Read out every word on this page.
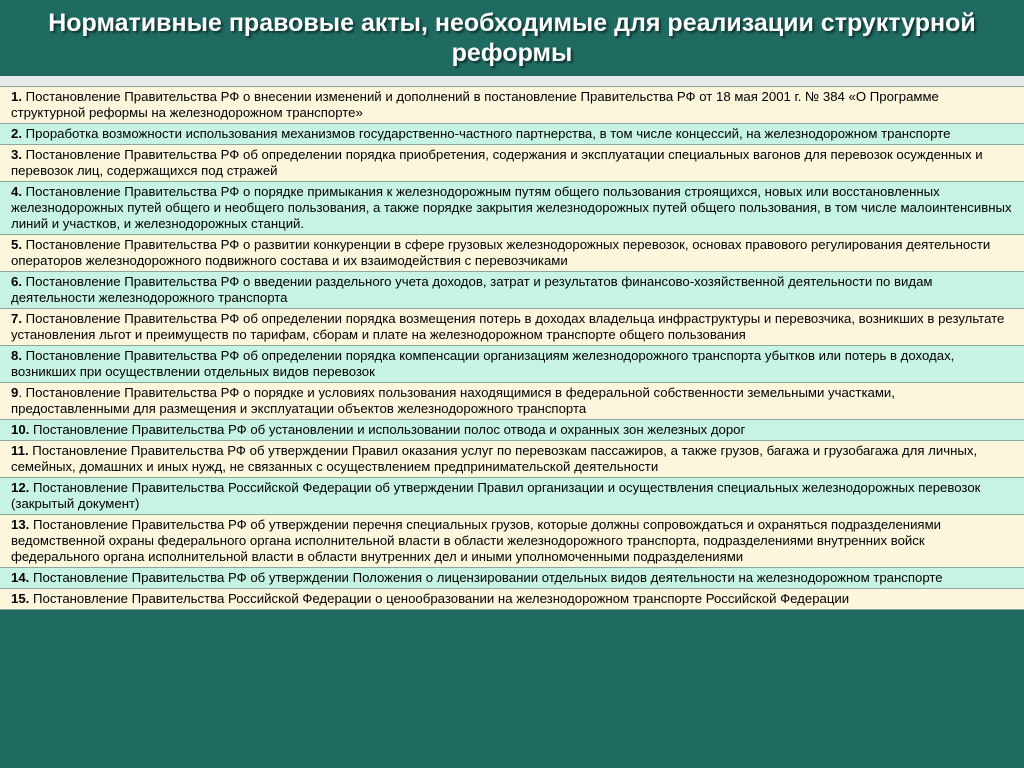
Нормативные правовые акты, необходимые для реализации структурной реформы
1. Постановление Правительства РФ о внесении изменений и дополнений в постановление Правительства РФ от 18 мая 2001 г. № 384 «О Программе структурной реформы на железнодорожном транспорте»
2. Проработка возможности использования механизмов государственно-частного партнерства, в том числе концессий, на железнодорожном транспорте
3. Постановление Правительства РФ об определении порядка приобретения, содержания и эксплуатации специальных вагонов для перевозок осужденных и перевозок лиц, содержащихся под стражей
4. Постановление Правительства РФ о порядке примыкания к железнодорожным путям общего пользования строящихся, новых или восстановленных железнодорожных путей общего и необщего пользования, а также порядке закрытия железнодорожных путей общего пользования, в том числе малоинтенсивных линий и участков, и железнодорожных станций.
5. Постановление Правительства РФ о развитии конкуренции в сфере грузовых железнодорожных перевозок, основах правового регулирования деятельности операторов железнодорожного подвижного состава и их взаимодействия с перевозчиками
6. Постановление Правительства РФ о введении раздельного учета доходов, затрат и результатов финансово-хозяйственной деятельности по видам деятельности железнодорожного транспорта
7. Постановление Правительства РФ об определении порядка возмещения потерь в доходах владельца инфраструктуры и перевозчика, возникших в результате установления льгот и преимуществ по тарифам, сборам и плате на железнодорожном транспорте общего пользования
8. Постановление Правительства РФ об определении порядка компенсации организациям железнодорожного транспорта убытков или потерь в доходах, возникших при осуществлении отдельных видов перевозок
9. Постановление Правительства РФ о порядке и условиях пользования находящимися в федеральной собственности земельными участками, предоставленными для размещения и эксплуатации объектов железнодорожного транспорта
10. Постановление Правительства РФ об установлении и использовании полос отвода и охранных зон железных дорог
11. Постановление Правительства РФ об утверждении Правил оказания услуг по перевозкам пассажиров, а также грузов, багажа и грузобагажа для личных, семейных, домашних и иных нужд, не связанных с осуществлением предпринимательской деятельности
12. Постановление Правительства Российской Федерации об утверждении Правил организации и осуществления специальных железнодорожных перевозок (закрытый документ)
13. Постановление Правительства РФ об утверждении перечня специальных грузов, которые должны сопровождаться и охраняться подразделениями ведомственной охраны федерального органа исполнительной власти в области железнодорожного транспорта, подразделениями внутренних войск федерального органа исполнительной власти в области внутренних дел и иными уполномоченными подразделениями
14. Постановление Правительства РФ об утверждении Положения о лицензировании отдельных видов деятельности на железнодорожном транспорте
15. Постановление Правительства Российской Федерации о ценообразовании на железнодорожном транспорте Российской Федерации
